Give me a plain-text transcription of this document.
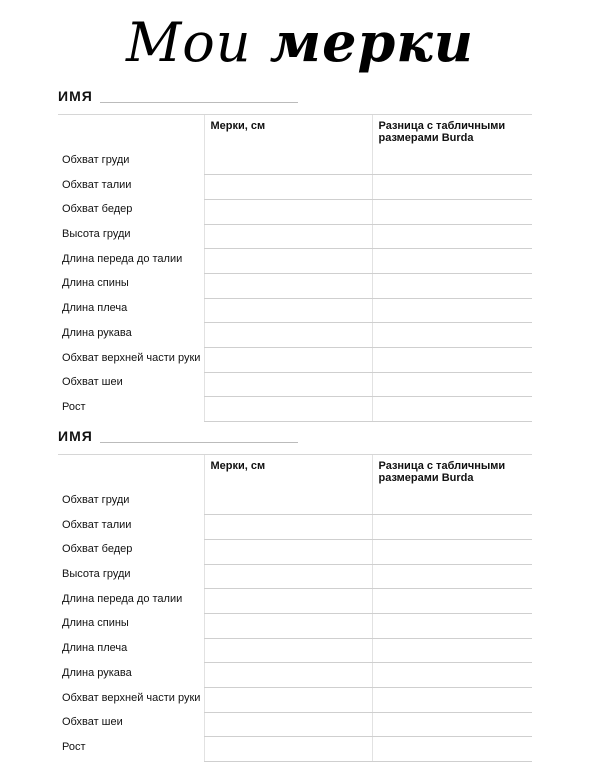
Мои мерки
ИМЯ
	Мерки, см	Разница с табличными размерами Burda
Обхват груди		
Обхват талии		
Обхват бедер		
Высота груди		
Длина переда до талии		
Длина спины		
Длина плеча		
Длина рукава		
Обхват верхней части руки		
Обхват шеи		
Рост		
ИМЯ
	Мерки, см	Разница с табличными размерами Burda
Обхват груди		
Обхват талии		
Обхват бедер		
Высота груди		
Длина переда до талии		
Длина спины		
Длина плеча		
Длина рукава		
Обхват верхней части руки		
Обхват шеи		
Рост		
